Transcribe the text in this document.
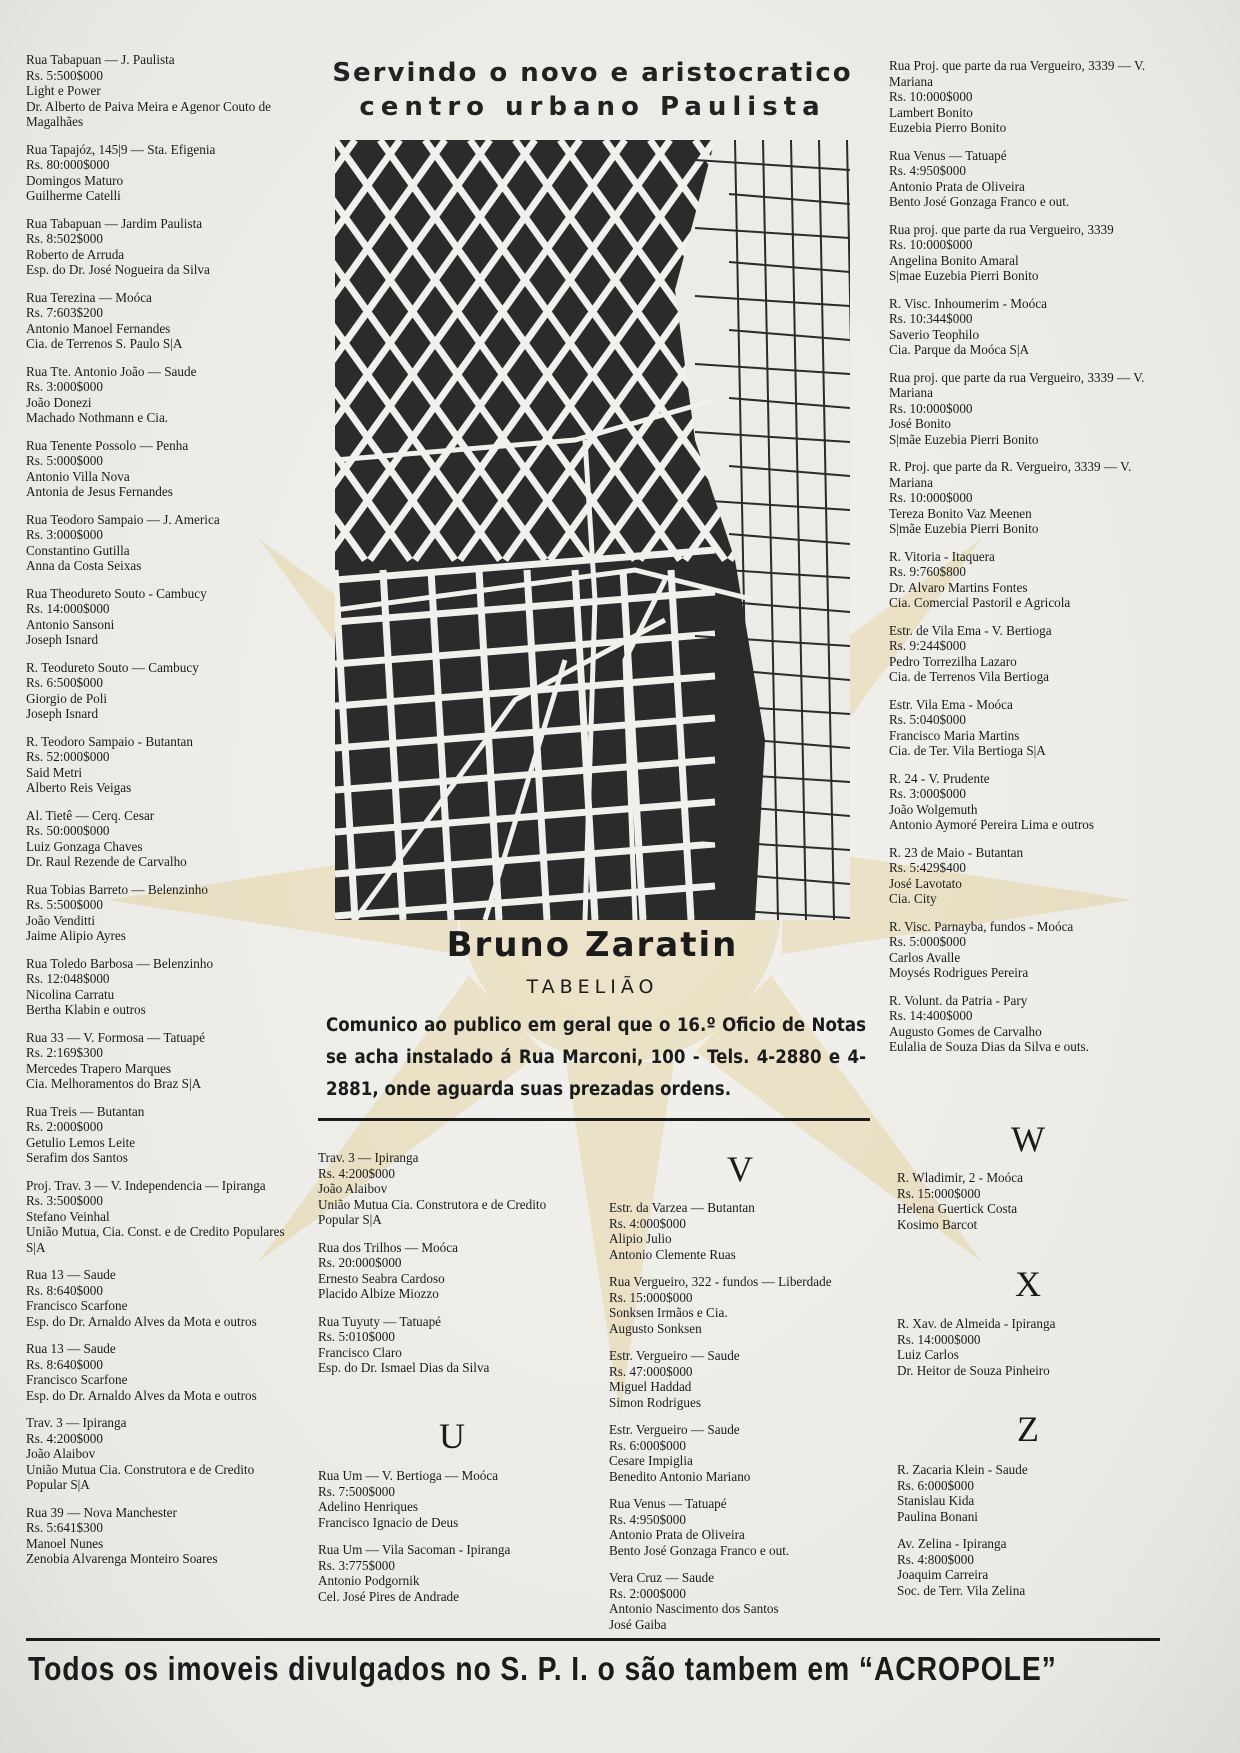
Rua Tabapuan — J. Paulista
Rs. 5:500$000
Light e Power
Dr. Alberto de Paiva Meira e Agenor Couto de Magalhães
Rua Tapajóz, 145|9 — Sta. Efigenia
Rs. 80:000$000
Domingos Maturo
Guilherme Catelli
Rua Tabapuan — Jardim Paulista
Rs. 8:502$000
Roberto de Arruda
Esp. do Dr. José Nogueira da Silva
Rua Terezina — Moóca
Rs. 7:603$200
Antonio Manoel Fernandes
Cia. de Terrenos S. Paulo S|A
Rua Tte. Antonio João — Saude
Rs. 3:000$000
João Donezi
Machado Nothmann e Cia.
Rua Tenente Possolo — Penha
Rs. 5:000$000
Antonio Villa Nova
Antonia de Jesus Fernandes
Rua Teodoro Sampaio — J. America
Rs. 3:000$000
Constantino Gutilla
Anna da Costa Seixas
Rua Theodureto Souto - Cambucy
Rs. 14:000$000
Antonio Sansoni
Joseph Isnard
R. Teodureto Souto — Cambucy
Rs. 6:500$000
Giorgio de Poli
Joseph Isnard
R. Teodoro Sampaio - Butantan
Rs. 52:000$000
Said Metri
Alberto Reis Veigas
Al. Tietê — Cerq. Cesar
Rs. 50:000$000
Luiz Gonzaga Chaves
Dr. Raul Rezende de Carvalho
Rua Tobias Barreto — Belenzinho
Rs. 5:500$000
João Venditti
Jaime Alipio Ayres
Rua Toledo Barbosa — Belenzinho
Rs. 12:048$000
Nicolina Carratu
Bertha Klabin e outros
Rua 33 — V. Formosa — Tatuapé
Rs. 2:169$300
Mercedes Trapero Marques
Cia. Melhoramentos do Braz S|A
Rua Treis — Butantan
Rs. 2:000$000
Getulio Lemos Leite
Serafim dos Santos
Proj. Trav. 3 — V. Independencia — Ipiranga
Rs. 3:500$000
Stefano Veinhal
União Mutua, Cia. Const. e de Credito Populares S|A
Rua 13 — Saude
Rs. 8:640$000
Francisco Scarfone
Esp. do Dr. Arnaldo Alves da Mota e outros
Rua 13 — Saude
Rs. 8:640$000
Francisco Scarfone
Esp. do Dr. Arnaldo Alves da Mota e outros
Trav. 3 — Ipiranga
Rs. 4:200$000
João Alaibov
União Mutua Cia. Construtora e de Credito Popular S|A
Rua 39 — Nova Manchester
Rs. 5:641$300
Manoel Nunes
Zenobia Alvarenga Monteiro Soares
Servindo o novo e aristocratico
centro urbano Paulista
Bruno Zaratin
TABELIÃO
Comunico ao publico em geral que o 16.º Oficio de Notas se acha instalado á Rua Marconi, 100 - Tels. 4-2880 e 4-2881, onde aguarda suas prezadas ordens.
Rua Proj. que parte da rua Vergueiro, 3339 — V. Mariana
Rs. 10:000$000
Lambert Bonito
Euzebia Pierro Bonito
Rua Venus — Tatuapé
Rs. 4:950$000
Antonio Prata de Oliveira
Bento José Gonzaga Franco e out.
Rua proj. que parte da rua Vergueiro, 3339
Rs. 10:000$000
Angelina Bonito Amaral
S|mae Euzebia Pierri Bonito
R. Visc. Inhoumerim - Moóca
Rs. 10:344$000
Saverio Teophilo
Cia. Parque da Moóca S|A
Rua proj. que parte da rua Vergueiro, 3339 — V. Mariana
Rs. 10:000$000
José Bonito
S|mãe Euzebia Pierri Bonito
R. Proj. que parte da R. Vergueiro, 3339 — V. Mariana
Rs. 10:000$000
Tereza Bonito Vaz Meenen
S|mãe Euzebia Pierri Bonito
R. Vitoria - Itaquera
Rs. 9:760$800
Dr. Alvaro Martins Fontes
Cia. Comercial Pastoril e Agricola
Estr. de Vila Ema - V. Bertioga
Rs. 9:244$000
Pedro Torrezilha Lazaro
Cia. de Terrenos Vila Bertioga
Estr. Vila Ema - Moóca
Rs. 5:040$000
Francisco Maria Martins
Cia. de Ter. Vila Bertioga S|A
R. 24 - V. Prudente
Rs. 3:000$000
João Wolgemuth
Antonio Aymoré Pereira Lima e outros
R. 23 de Maio - Butantan
Rs. 5:429$400
José Lavotato
Cia. City
R. Visc. Parnayba, fundos - Moóca
Rs. 5:000$000
Carlos Avalle
Moysés Rodrigues Pereira
R. Volunt. da Patria - Pary
Rs. 14:400$000
Augusto Gomes de Carvalho
Eulalia de Souza Dias da Silva e outs.
Trav. 3 — Ipiranga
Rs. 4:200$000
João Alaibov
União Mutua Cia. Construtora e de Credito Popular S|A
Rua dos Trilhos — Moóca
Rs. 20:000$000
Ernesto Seabra Cardoso
Placido Albize Miozzo
Rua Tuyuty — Tatuapé
Rs. 5:010$000
Francisco Claro
Esp. do Dr. Ismael Dias da Silva
U
Rua Um — V. Bertioga — Moóca
Rs. 7:500$000
Adelino Henriques
Francisco Ignacio de Deus
Rua Um — Vila Sacoman - Ipiranga
Rs. 3:775$000
Antonio Podgornik
Cel. José Pires de Andrade
V
Estr. da Varzea — Butantan
Rs. 4:000$000
Alipio Julio
Antonio Clemente Ruas
Rua Vergueiro, 322 - fundos — Liberdade
Rs. 15:000$000
Sonksen Irmãos e Cia.
Augusto Sonksen
Estr. Vergueiro — Saude
Rs. 47:000$000
Miguel Haddad
Simon Rodrigues
Estr. Vergueiro — Saude
Rs. 6:000$000
Cesare Impiglia
Benedito Antonio Mariano
Rua Venus — Tatuapé
Rs. 4:950$000
Antonio Prata de Oliveira
Bento José Gonzaga Franco e out.
Vera Cruz — Saude
Rs. 2:000$000
Antonio Nascimento dos Santos
José Gaiba
W
R. Wladimir, 2 - Moóca
Rs. 15:000$000
Helena Guertick Costa
Kosimo Barcot
X
R. Xav. de Almeida - Ipiranga
Rs. 14:000$000
Luiz Carlos
Dr. Heitor de Souza Pinheiro
Z
R. Zacaria Klein - Saude
Rs. 6:000$000
Stanislau Kida
Paulina Bonani
Av. Zelina - Ipiranga
Rs. 4:800$000
Joaquim Carreira
Soc. de Terr. Vila Zelina
Todos os imoveis divulgados no S. P. I. o são tambem em “ACROPOLE”
